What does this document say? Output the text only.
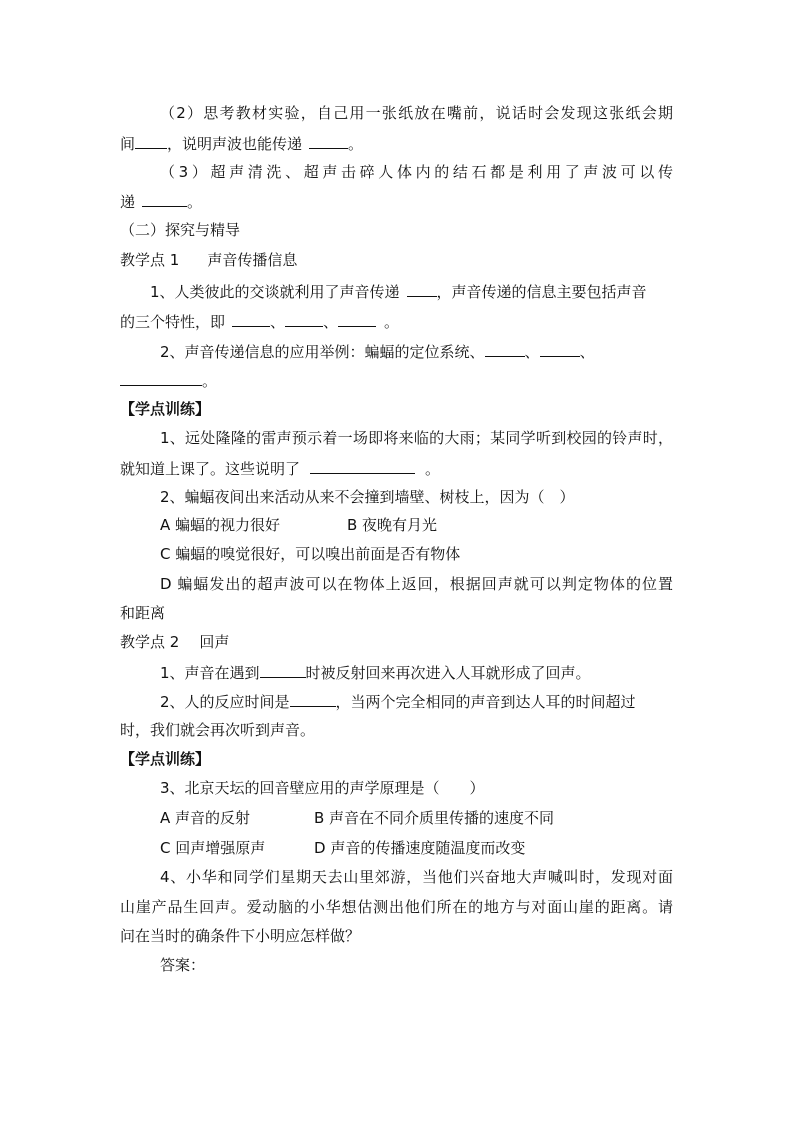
（2）思考教材实验，自己用一张纸放在嘴前，说话时会发现这张纸会期

间 ，说明声波也能传递	。

（3）超声清洗、超声击碎人体内的结石都是利用了声波可以传

递	。

（二）探究与精导

教学点 1 声音传播信息

1、人类彼此的交谈就利用了声音传递 ，声音传递的信息主要包括声音

的三个特性，即	、	、	。

2、声音传递信息的应用举例：蝙蝠的定位系统、	、	、

。

【学点训练】

1、远处隆隆的雷声预示着一场即将来临的大雨；某同学听到校园的铃声时，

就知道上课了。这些说明了	。

2、蝙蝠夜间出来活动从来不会撞到墙壁、树枝上，因为（　）

A 蝙蝠的视力很好	B 夜晚有月光

C 蝙蝠的嗅觉很好，可以嗅出前面是否有物体

D 蝙蝠发出的超声波可以在物体上返回，根据回声就可以判定物体的位置

和距离

教学点 2 回声

1、声音在遇到	时被反射回来再次进入人耳就形成了回声。

2、人的反应时间是	，当两个完全相同的声音到达人耳的时间超过

时，我们就会再次听到声音。

【学点训练】

3、北京天坛的回音壁应用的声学原理是（　　）

A 声音的反射	B 声音在不同介质里传播的速度不同

C 回声增强原声	D 声音的传播速度随温度而改变

4、小华和同学们星期天去山里郊游，当他们兴奋地大声喊叫时，发现对面

山崖产品生回声。爱动脑的小华想估测出他们所在的地方与对面山崖的距离。请

问在当时的确条件下小明应怎样做？

答案：
